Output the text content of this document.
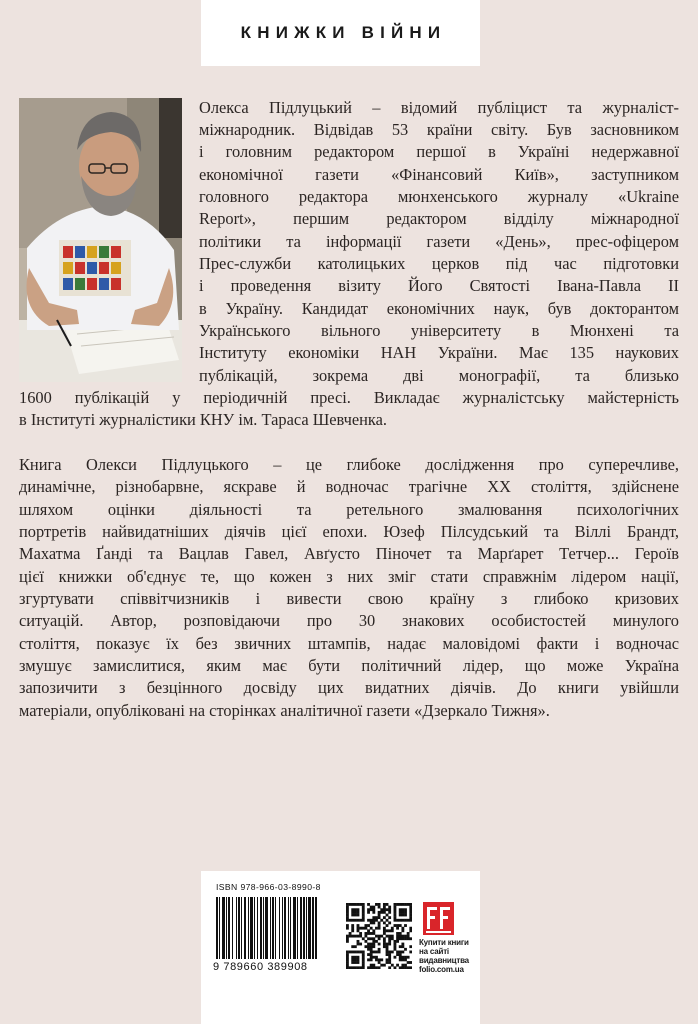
КНИЖКИ ВІЙНИ
Олекса Підлуцький – відомий публіцист та журналіст-
міжнародник. Відвідав 53 країни світу. Був засновником
і головним редактором першої в Україні недержавної
економічної газети «Фінансовий Київ», заступником
головного редактора мюнхенського журналу «Ukraine
Report», першим редактором відділу міжнародної
політики та інформації газети «День», прес-офіцером
Прес-служби католицьких церков під час підготовки
і проведення візиту Його Святості Івана-Павла ІІ
в Україну. Кандидат економічних наук, був докторантом
Українського вільного університету в Мюнхені та
Інституту економіки НАН України. Має 135 наукових
публікацій, зокрема дві монографії, та близько
1600 публікацій у періодичній пресі. Викладає журналістську майстерність
в Інституті журналістики КНУ ім. Тараса Шевченка.
Книга Олекси Підлуцького – це глибоке дослідження про суперечливе,
динамічне, різнобарвне, яскраве й водночас трагічне ХХ століття, здійснене
шляхом оцінки діяльності та ретельного змалювання психологічних
портретів найвидатніших діячів цієї епохи. Юзеф Пілсудський та Віллі Брандт,
Махатма Ґанді та Вацлав Гавел, Авґусто Піночет та Марґарет Тетчер... Героїв
цієї книжки об'єднує те, що кожен з них зміг стати справжнім лідером нації,
згуртувати співвітчизників і вивести свою країну з глибоко кризових
ситуацій. Автор, розповідаючи про 30 знакових особистостей минулого
століття, показує їх без звичних штампів, надає маловідомі факти і водночас
змушує замислитися, яким має бути політичний лідер, що може Україна
запозичити з безцінного досвіду цих видатних діячів. До книги увійшли
матеріали, опубліковані на сторінках аналітичної газети «Дзеркало Тижня».
ISBN 978-966-03-8990-8
9 789660 389908
Купити книги на сайті видавництва folio.com.ua
